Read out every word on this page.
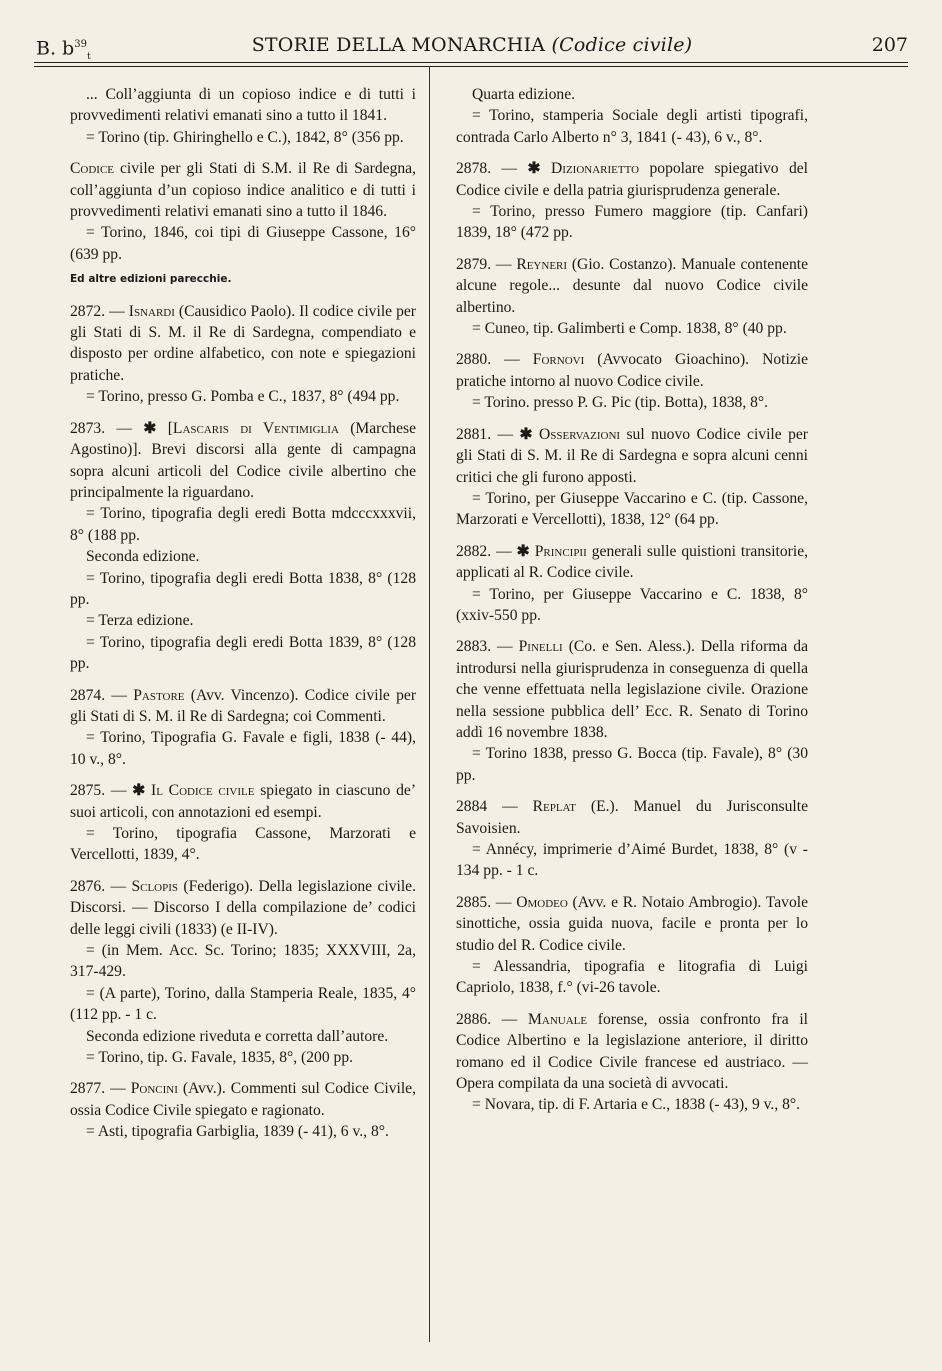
B. $b^{39}_t$
STORIE DELLA MONARCHIA (Codice civile)	207

... Coll’aggiunta di un copioso indice e di tutti i provvedimenti relativi emanati sino a tutto il 1841.

= Torino (tip. Ghiringhello e C.), 1842, 8° (356 pp.

Codice civile per gli Stati di S.M. il Re di Sardegna, coll’aggiunta d’un copioso indice analitico e di tutti i provvedimenti relativi emanati sino a tutto il 1846.

= Torino, 1846, coi tipi di Giuseppe Cassone, 16° (639 pp.

Ed altre edizioni parecchie.

2872. — Isnardi (Causidico Paolo). Il codice civile per gli Stati di S. M. il Re di Sardegna, compendiato e disposto per ordine alfabetico, con note e spiegazioni pratiche.

= Torino, presso G. Pomba e C., 1837, 8° (494 pp.

2873. — ✱ [Lascaris di Ventimiglia (Marchese Agostino)]. Brevi discorsi alla gente di campagna sopra alcuni articoli del Codice civile albertino che principalmente la riguardano.

= Torino, tipografia degli eredi Botta mdcccxxxvii, 8° (188 pp.

Seconda edizione.

= Torino, tipografia degli eredi Botta 1838, 8° (128 pp.

= Terza edizione.

= Torino, tipografia degli eredi Botta 1839, 8° (128 pp.

2874. — Pastore (Avv. Vincenzo). Codice civile per gli Stati di S. M. il Re di Sardegna; coi Commenti.

= Torino, Tipografia G. Favale e figli, 1838 (- 44), 10 v., 8°.

2875. — ✱ Il Codice civile spiegato in ciascuno de’ suoi articoli, con annotazioni ed esempi.

= Torino, tipografia Cassone, Marzorati e Vercellotti, 1839, 4°.

2876. — Sclopis (Federigo). Della legislazione civile. Discorsi. — Discorso I della compilazione de’ codici delle leggi civili (1833) (e II-IV).

= (in Mem. Acc. Sc. Torino; 1835; XXXVIII, 2a, 317-429.

= (A parte), Torino, dalla Stamperia Reale, 1835, 4° (112 pp. - 1 c.

Seconda edizione riveduta e corretta dall’autore.

= Torino, tip. G. Favale, 1835, 8°, (200 pp.

2877. — Poncini (Avv.). Commenti sul Codice Civile, ossia Codice Civile spiegato e ragionato.

= Asti, tipografia Garbiglia, 1839 (- 41), 6 v., 8°.

Quarta edizione.

= Torino, stamperia Sociale degli artisti tipografi, contrada Carlo Alberto n° 3, 1841 (- 43), 6 v., 8°.

2878. — ✱ Dizionarietto popolare spiegativo del Codice civile e della patria giurisprudenza generale.

= Torino, presso Fumero maggiore (tip. Canfari) 1839, 18° (472 pp.

2879. — Reyneri (Gio. Costanzo). Manuale contenente alcune regole... desunte dal nuovo Codice civile albertino.

= Cuneo, tip. Galimberti e Comp. 1838, 8° (40 pp.

2880. — Fornovi (Avvocato Gioachino). Notizie pratiche intorno al nuovo Codice civile.

= Torino. presso P. G. Pic (tip. Botta), 1838, 8°.

2881. — ✱ Osservazioni sul nuovo Codice civile per gli Stati di S. M. il Re di Sardegna e sopra alcuni cenni critici che gli furono apposti.

= Torino, per Giuseppe Vaccarino e C. (tip. Cassone, Marzorati e Vercellotti), 1838, 12° (64 pp.

2882. — ✱ Principii generali sulle quistioni transitorie, applicati al R. Codice civile.

= Torino, per Giuseppe Vaccarino e C. 1838, 8° (xxiv-550 pp.

2883. — Pinelli (Co. e Sen. Aless.). Della riforma da introdursi nella giurisprudenza in conseguenza di quella che venne effettuata nella legislazione civile. Orazione nella sessione pubblica dell’ Ecc. R. Senato di Torino addì 16 novembre 1838.

= Torino 1838, presso G. Bocca (tip. Favale), 8° (30 pp.

2884 — Replat (E.). Manuel du Jurisconsulte Savoisien.

= Annécy, imprimerie d’Aimé Burdet, 1838, 8° (v - 134 pp. - 1 c.

2885. — Omodeo (Avv. e R. Notaio Ambrogio). Tavole sinottiche, ossia guida nuova, facile e pronta per lo studio del R. Codice civile.

= Alessandria, tipografia e litografia di Luigi Capriolo, 1838, f.° (vi-26 tavole.

2886. — Manuale forense, ossia confronto fra il Codice Albertino e la legislazione anteriore, il diritto romano ed il Codice Civile francese ed austriaco. — Opera compilata da una società di avvocati.

= Novara, tip. di F. Artaria e C., 1838 (- 43), 9 v., 8°.
